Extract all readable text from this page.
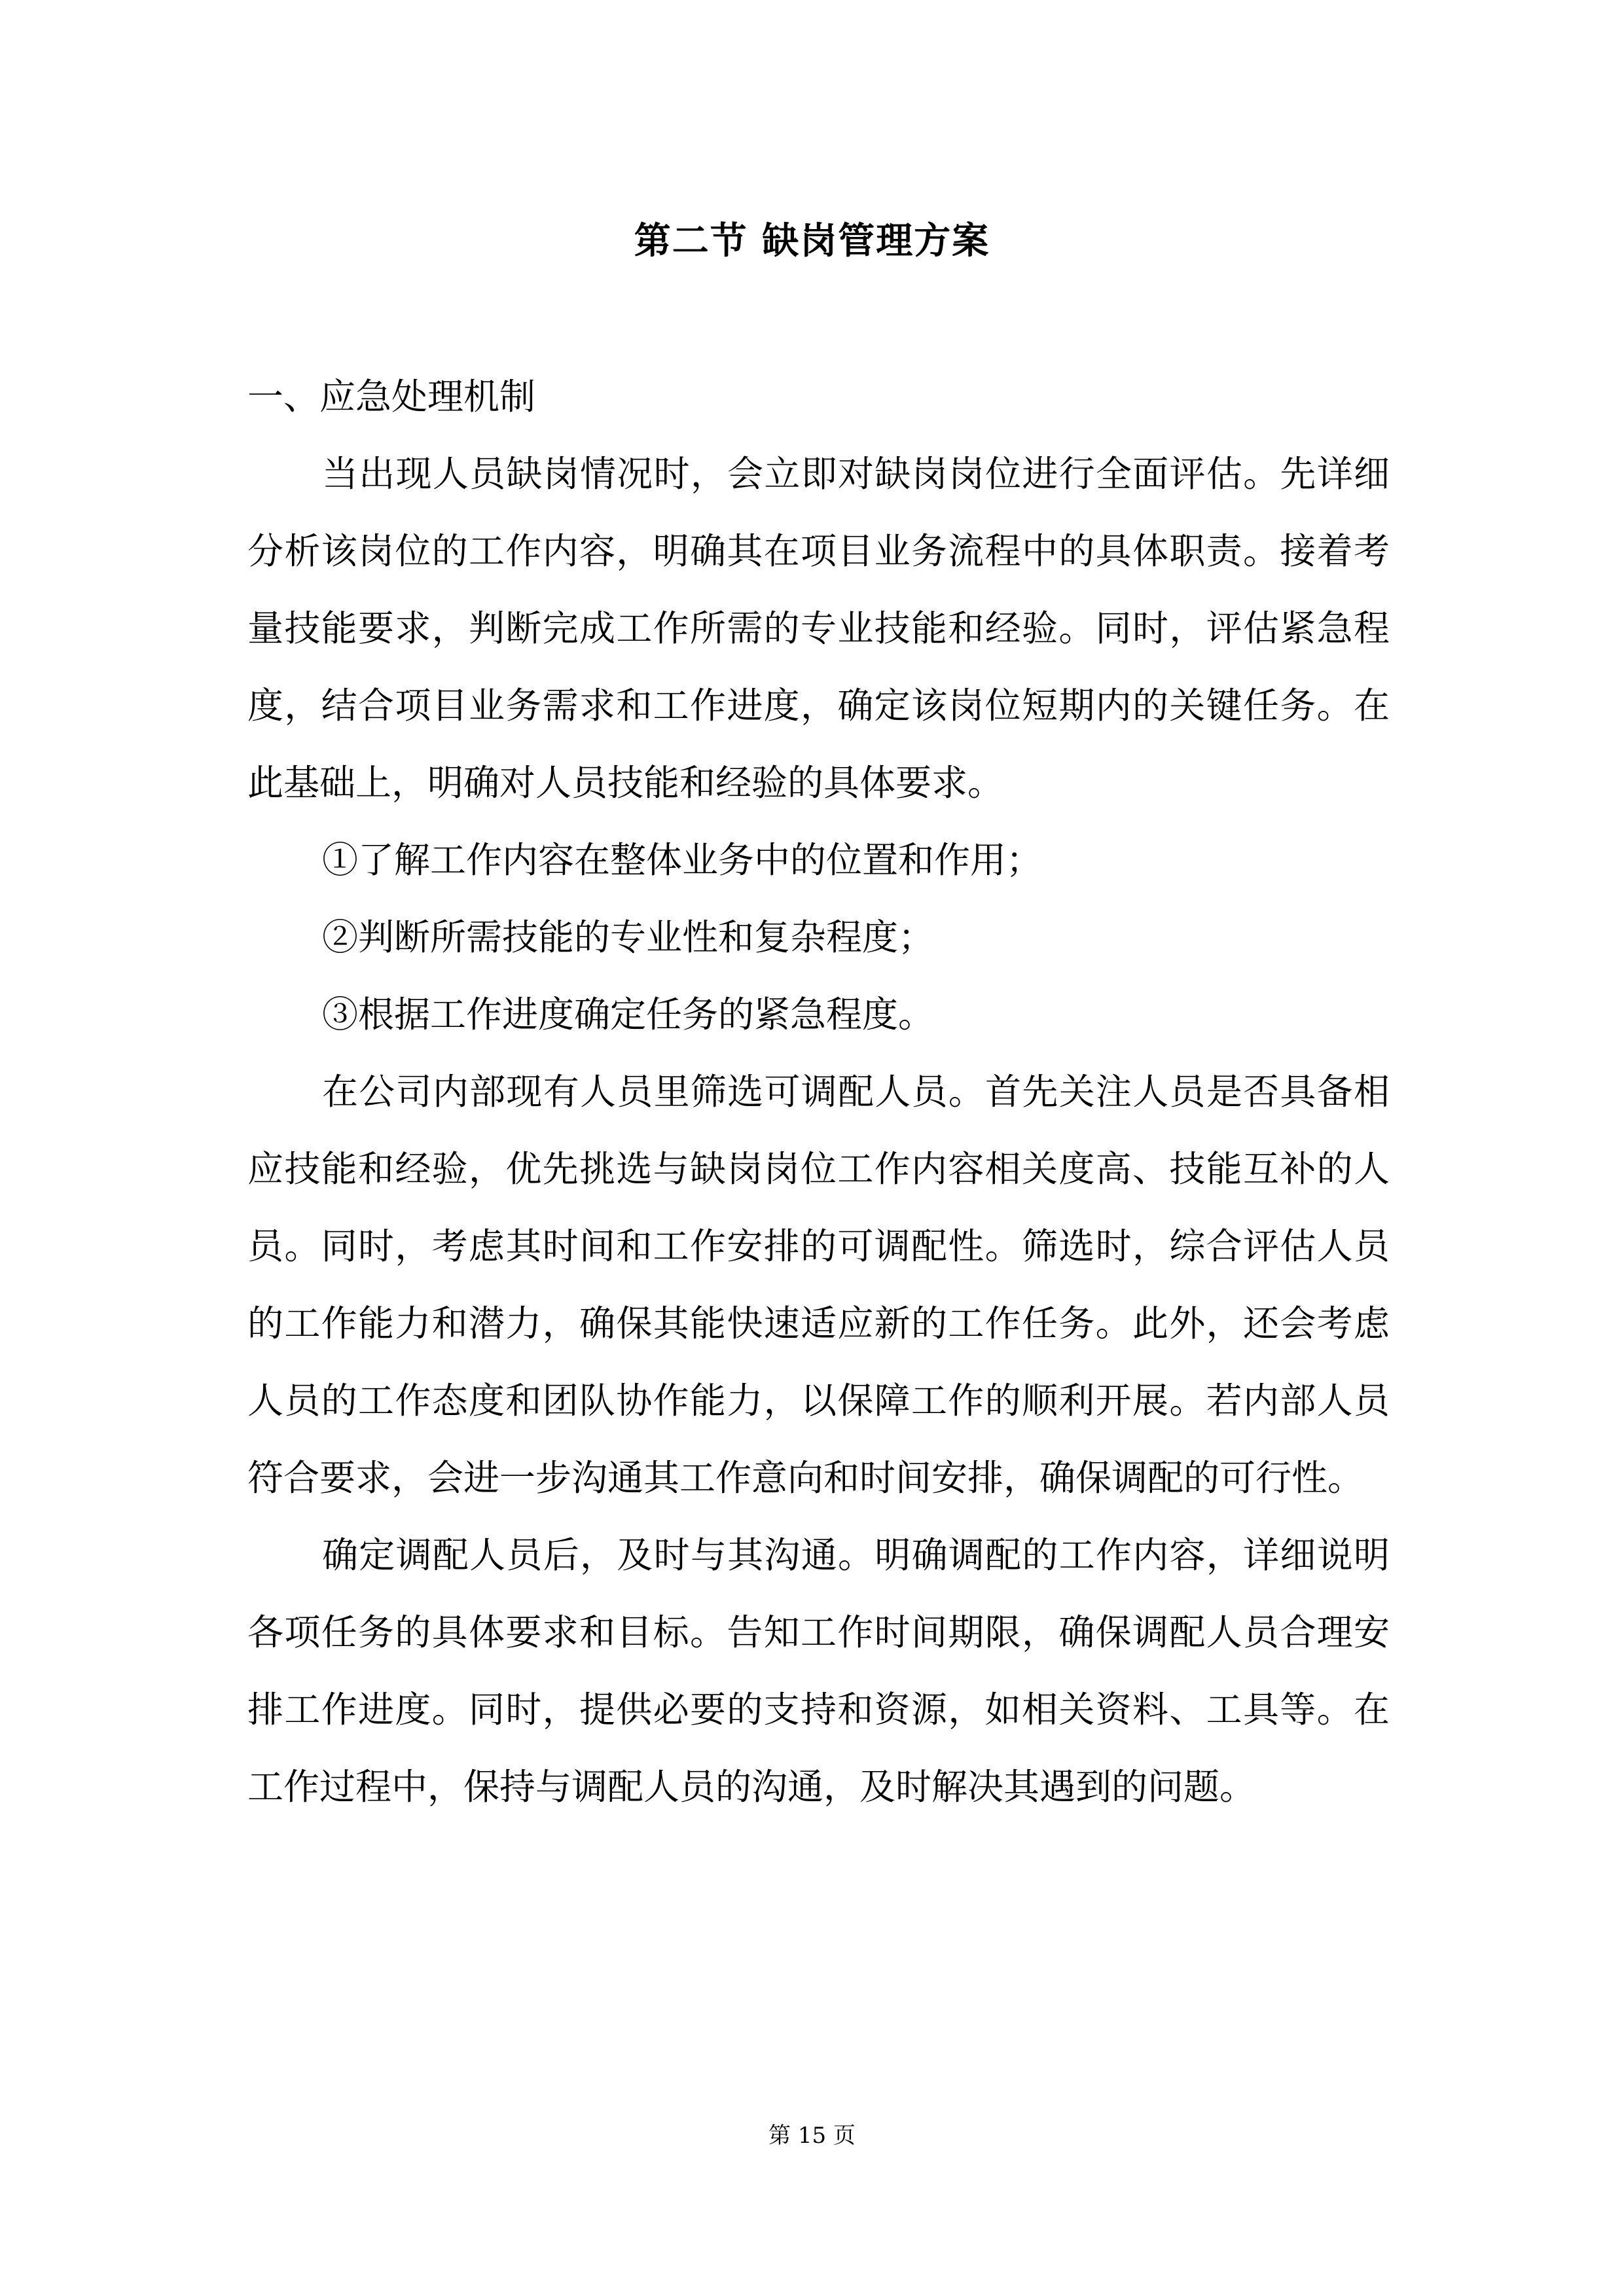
第二节 缺岗管理方案

一、应急处理机制

当出现人员缺岗情况时，会立即对缺岗岗位进行全面评估。先详细分析该岗位的工作内容，明确其在项目业务流程中的具体职责。接着考量技能要求，判断完成工作所需的专业技能和经验。同时，评估紧急程度，结合项目业务需求和工作进度，确定该岗位短期内的关键任务。在此基础上，明确对人员技能和经验的具体要求。

①了解工作内容在整体业务中的位置和作用；

②判断所需技能的专业性和复杂程度；

③根据工作进度确定任务的紧急程度。

在公司内部现有人员里筛选可调配人员。首先关注人员是否具备相应技能和经验，优先挑选与缺岗岗位工作内容相关度高、技能互补的人员。同时，考虑其时间和工作安排的可调配性。筛选时，综合评估人员的工作能力和潜力，确保其能快速适应新的工作任务。此外，还会考虑人员的工作态度和团队协作能力，以保障工作的顺利开展。若内部人员符合要求，会进一步沟通其工作意向和时间安排，确保调配的可行性。

确定调配人员后，及时与其沟通。明确调配的工作内容，详细说明各项任务的具体要求和目标。告知工作时间期限，确保调配人员合理安排工作进度。同时，提供必要的支持和资源，如相关资料、工具等。在工作过程中，保持与调配人员的沟通，及时解决其遇到的问题。

第 15 页
